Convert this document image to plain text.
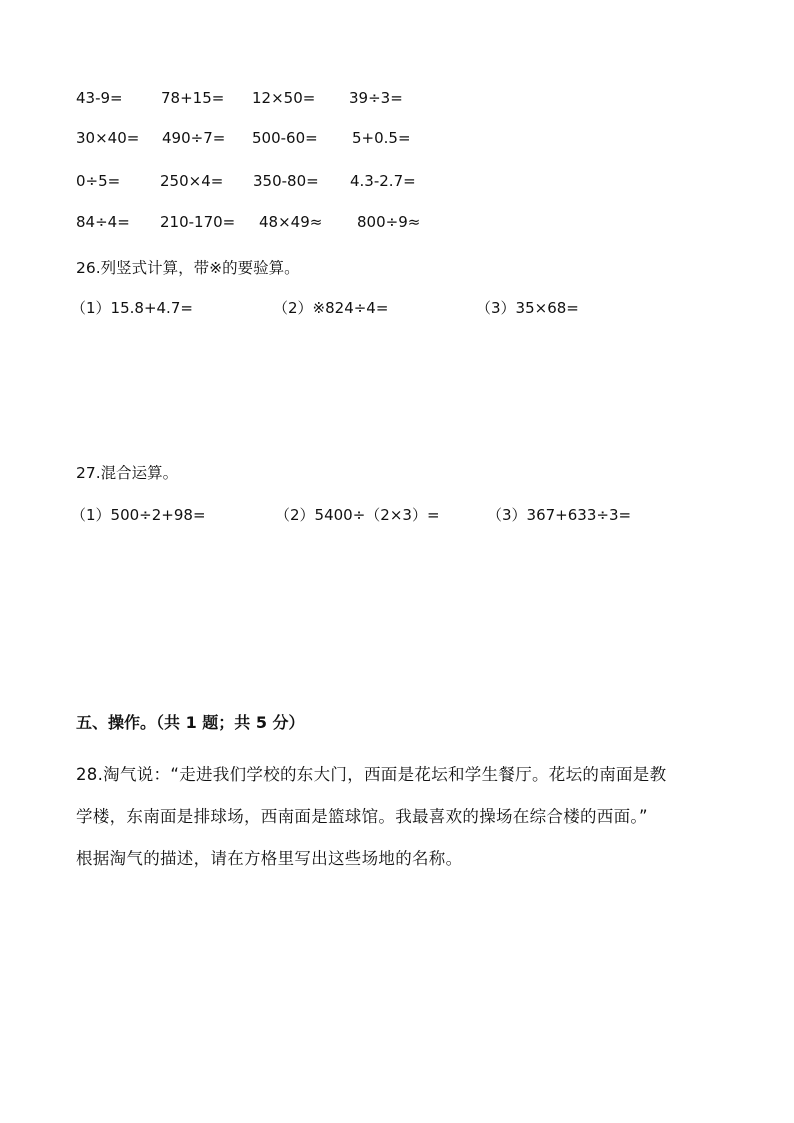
43-9=	78+15= 12×50= 39÷3=
30×40= 490÷7= 500-60= 5+0.5=
0÷5=	250×4= 350-80= 4.3-2.7=
84÷4= 210-170= 48×49≈ 800÷9≈
26.列竖式计算，带※的要验算。
（1）15.8+4.7=	（2）※824÷4=	（3）35×68=
27.混合运算。
（1）500÷2+98=	（2）5400÷（2×3）=	（3）367+633÷3=
五、操作。（共 1 题；共 5 分）
28.淘气说：“走进我们学校的东大门，西面是花坛和学生餐厅。花坛的南面是教
学楼，东南面是排球场，西南面是篮球馆。我最喜欢的操场在综合楼的西面。”
根据淘气的描述，请在方格里写出这些场地的名称。
